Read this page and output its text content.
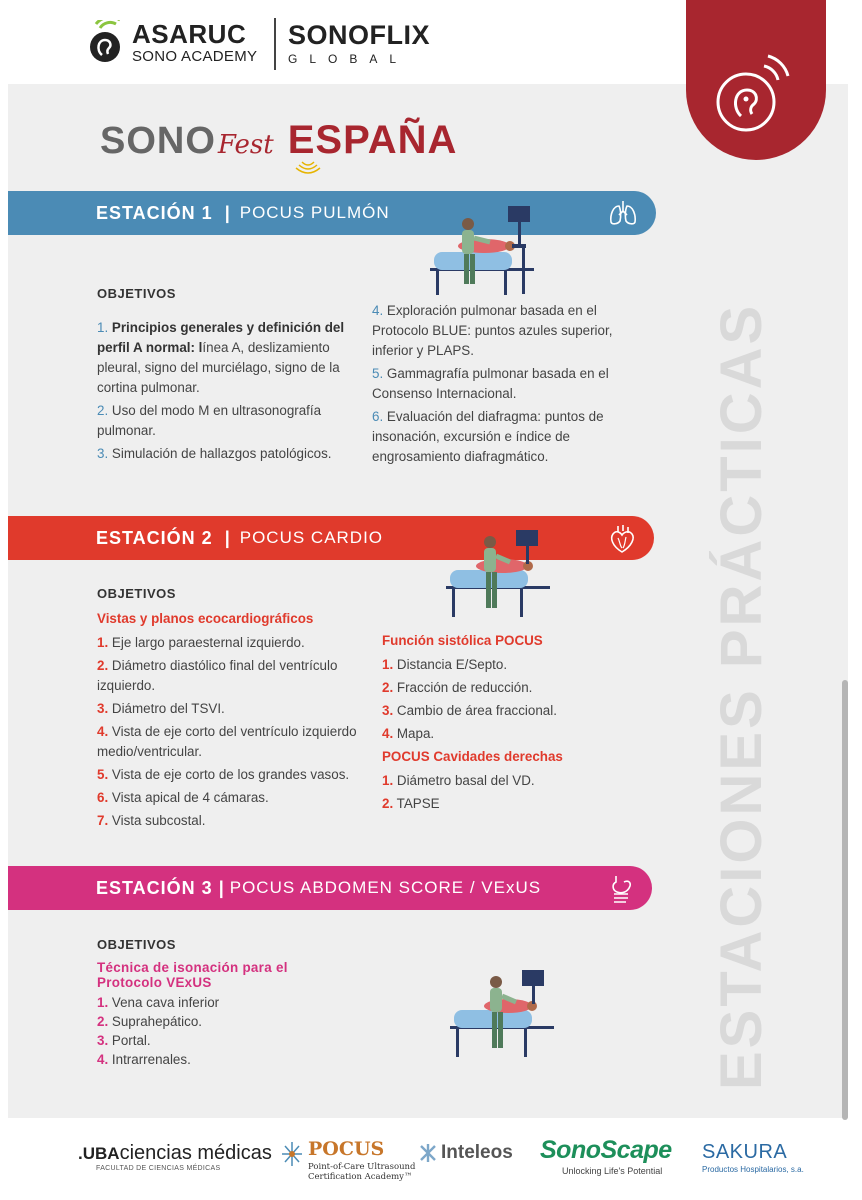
ASARUC
SONO ACADEMY
SONOFLIX
GLOBAL
ESTACIONES PRÁCTICAS
SONO Fest ESPAÑA
ESTACIÓN 1 | POCUS PULMÓN
OBJETIVOS
1. Principios generales y definición del perfil A normal: línea A, deslizamiento pleural, signo del murciélago, signo de la cortina pulmonar.
2. Uso del modo M en ultrasonografía pulmonar.
3. Simulación de hallazgos patológicos.
4. Exploración pulmonar basada en el Protocolo BLUE: puntos azules superior, inferior y PLAPS.
5. Gammagrafía pulmonar basada en el Consenso Internacional.
6. Evaluación del diafragma: puntos de insonación, excursión e índice de engrosamiento diafragmático.
ESTACIÓN 2 | POCUS CARDIO
OBJETIVOS
Vistas y planos ecocardiográficos
1. Eje largo paraesternal izquierdo.
2. Diámetro diastólico final del ventrículo izquierdo.
3. Diámetro del TSVI.
4. Vista de eje corto del ventrículo izquierdo medio/ventricular.
5. Vista de eje corto de los grandes vasos.
6. Vista apical de 4 cámaras.
7. Vista subcostal.
Función sistólica POCUS
1. Distancia E/Septo.
2. Fracción de reducción.
3. Cambio de área fraccional.
4. Mapa.
POCUS Cavidades derechas
1. Diámetro basal del VD.
2. TAPSE
ESTACIÓN 3 | POCUS ABDOMEN SCORE / VExUS
OBJETIVOS
Técnica de isonación para el Protocolo VExUS
1. Vena cava inferior
2. Suprahepático.
3. Portal.
4. Intrarrenales.
.UBAciencias médicas
FACULTAD DE CIENCIAS MÉDICAS
POCUS
Point-of-Care Ultrasound
Certification Academy™
Inteleos SonoScape
Unlocking Life's Potential
SAKURA
Productos Hospitalarios, s.a.
